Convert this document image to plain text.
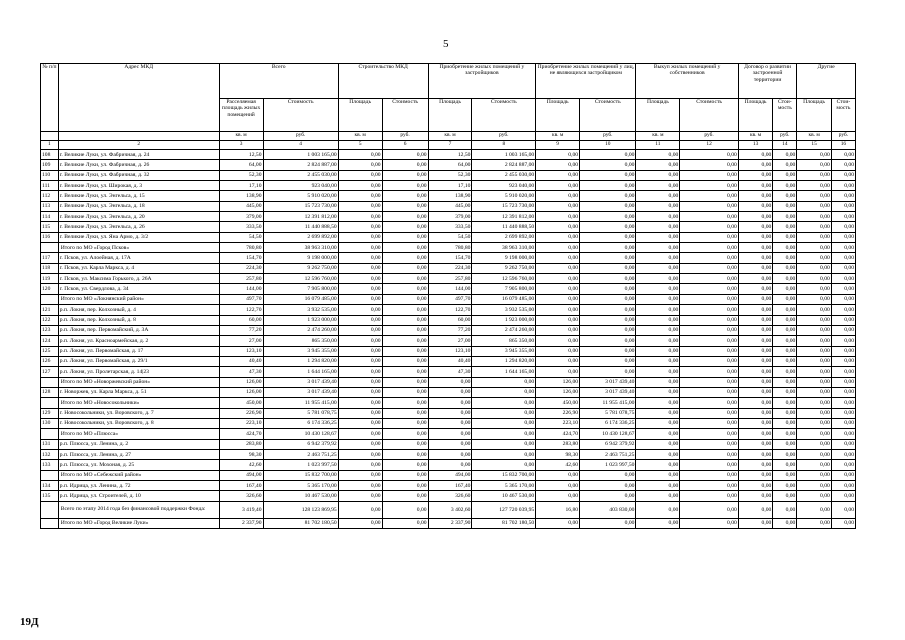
5
№ п/п	Адрес МКД	Всего		Строительство МКД		Приобретение жилых помещений у застройщиков		Приобретение жилых помещений у лиц, не являющихся застройщиком		Выкуп жилых помещений у собственников		Договор о развитии застроенной территории		Другие	
		Расселяемая площадь жилых помещений	Стоимость	Площадь	Стоимость	Площадь	Стоимость	Площадь	Стоимость	Площадь	Стоимость	Площадь	Стои-мость	Площадь	Стои-мость
		кв. м	руб.	кв. м	руб.	кв. м	руб.	кв. м	руб.	кв. м	руб.	кв. м	руб.	кв. м	руб.
1	2	3	4	5	6	7	8	9	10	11	12	13	14	15	16
108	г. Великие Луки, ул. Фабричная, д. 24	12,50	1 003 165,00	0,00	0,00	12,50	1 003 165,00	0,00	0,00	0,00	0,00	0,00	0,00	0,00	0,00
109	г. Великие Луки, ул. Фабричная, д. 26	64,00	2 824 887,00	0,00	0,00	64,00	2 824 887,00	0,00	0,00	0,00	0,00	0,00	0,00	0,00	0,00
110	г. Великие Луки, ул. Фабричная, д. 32	52,30	2 455 030,00	0,00	0,00	52,30	2 455 030,00	0,00	0,00	0,00	0,00	0,00	0,00	0,00	0,00
111	г. Великие Луки, ул. Широкая, д. 3	17,10	923 040,00	0,00	0,00	17,10	923 040,00	0,00	0,00	0,00	0,00	0,00	0,00	0,00	0,00
112	г. Великие Луки, ул. Энгельса, д. 15	138,90	5 910 020,00	0,00	0,00	138,90	5 910 020,00	0,00	0,00	0,00	0,00	0,00	0,00	0,00	0,00
113	г. Великие Луки, ул. Энгельса, д. 18	445,00	15 723 730,00	0,00	0,00	445,00	15 723 730,00	0,00	0,00	0,00	0,00	0,00	0,00	0,00	0,00
114	г. Великие Луки, ул. Энгельса, д. 20	379,00	12 391 812,00	0,00	0,00	379,00	12 391 812,00	0,00	0,00	0,00	0,00	0,00	0,00	0,00	0,00
115	г. Великие Луки, ул. Энгельса, д. 26	333,50	11 440 888,50	0,00	0,00	333,50	11 440 888,50	0,00	0,00	0,00	0,00	0,00	0,00	0,00	0,00
116	г. Великие Луки, ул. Яна Армо, д. 3/2	54,50	2 699 892,00	0,00	0,00	54,50	2 699 892,00	0,00	0,00	0,00	0,00	0,00	0,00	0,00	0,00
	Итого по МО «Город Псков»	780,80	38 963 310,00	0,00	0,00	780,80	38 963 310,00	0,00	0,00	0,00	0,00	0,00	0,00	0,00	0,00
117	г. Псков, ул. Алоейная, д. 17А	154,70	9 198 000,00	0,00	0,00	154,70	9 198 000,00	0,00	0,00	0,00	0,00	0,00	0,00	0,00	0,00
118	г. Псков, ул. Карла Маркса, д. 4	224,30	9 262 750,00	0,00	0,00	224,30	9 262 750,00	0,00	0,00	0,00	0,00	0,00	0,00	0,00	0,00
119	г. Псков, ул. Максима Горького, д. 26А	257,80	12 596 760,00	0,00	0,00	257,80	12 596 760,00	0,00	0,00	0,00	0,00	0,00	0,00	0,00	0,00
120	г. Псков, ул. Свердлова, д. 34	144,00	7 905 800,00	0,00	0,00	144,00	7 905 800,00	0,00	0,00	0,00	0,00	0,00	0,00	0,00	0,00
	Итого по МО «Локнянский район»	497,70	16 079 485,00	0,00	0,00	497,70	16 079 485,00	0,00	0,00	0,00	0,00	0,00	0,00	0,00	0,00
121	р.п. Локня, пер. Колхозный, д. 4	122,70	3 932 535,00	0,00	0,00	122,70	3 932 535,00	0,00	0,00	0,00	0,00	0,00	0,00	0,00	0,00
122	р.п. Локня, пер. Колхозный, д. 8	60,00	1 923 000,00	0,00	0,00	60,00	1 923 000,00	0,00	0,00	0,00	0,00	0,00	0,00	0,00	0,00
123	р.п. Локня, пер. Первомайский, д. 3А	77,20	2 474 260,00	0,00	0,00	77,20	2 474 260,00	0,00	0,00	0,00	0,00	0,00	0,00	0,00	0,00
124	р.п. Локня, ул. Красноармейская, д. 2	27,00	865 350,00	0,00	0,00	27,00	865 350,00	0,00	0,00	0,00	0,00	0,00	0,00	0,00	0,00
125	р.п. Локня, ул. Первомайская, д. 17	123,10	3 945 355,00	0,00	0,00	123,10	3 945 355,00	0,00	0,00	0,00	0,00	0,00	0,00	0,00	0,00
126	р.п. Локня, ул. Первомайская, д. 29/1	40,40	1 294 820,00	0,00	0,00	40,40	1 294 820,00	0,00	0,00	0,00	0,00	0,00	0,00	0,00	0,00
127	р.п. Локня, ул. Пролетарская, д. 14|23	47,30	1 644 165,00	0,00	0,00	47,30	1 644 165,00	0,00	0,00	0,00	0,00	0,00	0,00	0,00	0,00
	Итого по МО «Новоржевский район»	126,00	3 017 439,40	0,00	0,00	0,00	0,00	126,00	3 017 439,40	0,00	0,00	0,00	0,00	0,00	0,00
128	г. Новоржев, ул. Карла Маркса, д. 51	126,00	3 017 439,40	0,00	0,00	0,00	0,00	126,00	3 017 439,40	0,00	0,00	0,00	0,00	0,00	0,00
	Итого по МО «Новосокольники»	450,00	11 955 415,00	0,00	0,00	0,00	0,00	450,00	11 955 415,00	0,00	0,00	0,00	0,00	0,00	0,00
129	г. Новосокольники, ул. Воровского, д. 7	226,90	5 781 078,75	0,00	0,00	0,00	0,00	226,90	5 781 078,75	0,00	0,00	0,00	0,00	0,00	0,00
130	г. Новосокольники, ул. Воровского, д. 8	223,10	6 174 336,25	0,00	0,00	0,00	0,00	223,10	6 174 336,25	0,00	0,00	0,00	0,00	0,00	0,00
	Итого по МО «Плюсса»	424,70	10 430 128,67	0,00	0,00	0,00	0,00	424,70	10 430 128,67	0,00	0,00	0,00	0,00	0,00	0,00
131	р.п. Плюсса, ул. Ленина, д. 2	283,80	6 942 379,92	0,00	0,00	0,00	0,00	283,80	6 942 379,92	0,00	0,00	0,00	0,00	0,00	0,00
132	р.п. Плюсса, ул. Ленина, д. 27	98,30	2 463 751,25	0,00	0,00	0,00	0,00	98,30	2 463 751,25	0,00	0,00	0,00	0,00	0,00	0,00
133	р.п. Плюсса, ул. Мохоная, д. 25	42,60	1 023 997,50	0,00	0,00	0,00	0,00	42,60	1 023 997,50	0,00	0,00	0,00	0,00	0,00	0,00
	Итого по МО «Себежский район»	494,00	15 832 700,00	0,00	0,00	494,00	15 832 700,00	0,00	0,00	0,00	0,00	0,00	0,00	0,00	0,00
134	р.п. Идрица, ул. Ленина, д. 72	167,40	5 365 170,00	0,00	0,00	167,40	5 365 170,00	0,00	0,00	0,00	0,00	0,00	0,00	0,00	0,00
135	р.п. Идрица, ул. Строителей, д. 10	326,60	10 467 530,00	0,00	0,00	326,60	10 467 530,00	0,00	0,00	0,00	0,00	0,00	0,00	0,00	0,00
	Всего по этапу 2014 года без финансовой поддержки Фонда:	3 419,40	128 123 869,95	0,00	0,00	3 402,60	127 720 039,95	16,80	403 830,00	0,00	0,00	0,00	0,00	0,00	0,00
	Итого по МО «Город Великие Луки»	2 337,90	81 702 180,50	0,00	0,00	2 337,90	81 702 180,50	0,00	0,00	0,00	0,00	0,00	0,00	0,00	0,00
19Д
